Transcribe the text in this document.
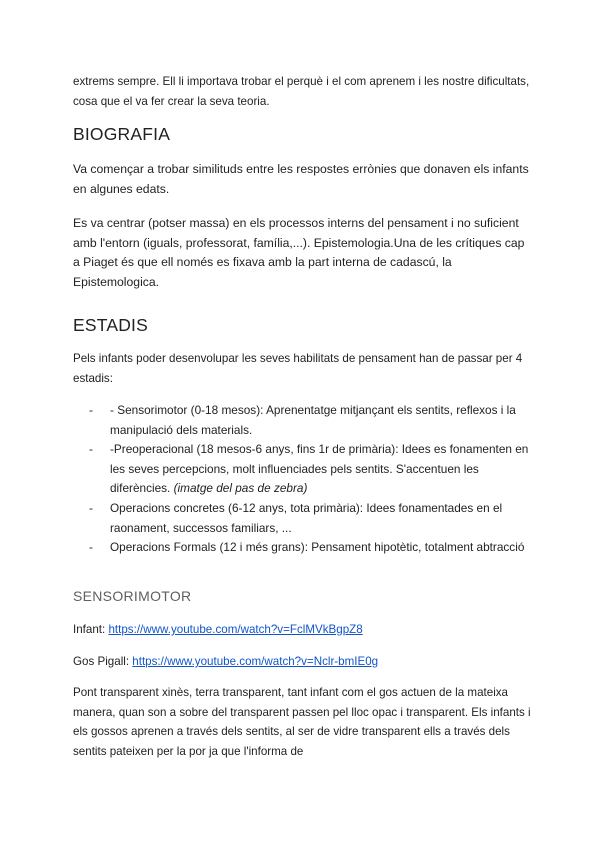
extrems sempre. Ell li importava trobar el perquè i el com aprenem i les nostre dificultats, cosa que el va fer crear la seva teoria.

BIOGRAFIA

Va començar a trobar similituds entre les respostes errònies que donaven els infants en algunes edats.

Es va centrar (potser massa) en els processos interns del pensament i no suficient amb l'entorn (iguals, professorat, família,...). Epistemologia.Una de les crítiques cap a Piaget és que ell només es fixava amb la part interna de cadascú, la Epistemologica.

ESTADIS

Pels infants poder desenvolupar les seves habilitats de pensament han de passar per 4 estadis:

- - Sensorimotor (0-18 mesos): Aprenentatge mitjançant els sentits, reflexos i la manipulació dels materials.
- -Preoperacional (18 mesos-6 anys, fins 1r de primària): Idees es fonamenten en les seves percepcions, molt influenciades pels sentits. S'accentuen les diferències. (imatge del pas de zebra)
- Operacions concretes (6-12 anys, tota primària): Idees fonamentades en el raonament, successos familiars, ...
- Operacions Formals (12 i més grans): Pensament hipotètic, totalment abtracció
SENSORIMOTOR

Infant: https://www.youtube.com/watch?v=FclMVkBgpZ8

Gos Pigall: https://www.youtube.com/watch?v=Nclr-bmIE0g

Pont transparent xinès, terra transparent, tant infant com el gos actuen de la mateixa manera, quan son a sobre del transparent passen pel lloc opac i transparent. Els infants i els gossos aprenen a través dels sentits, al ser de vidre transparent ells a través dels sentits pateixen per la por ja que l'informa de
